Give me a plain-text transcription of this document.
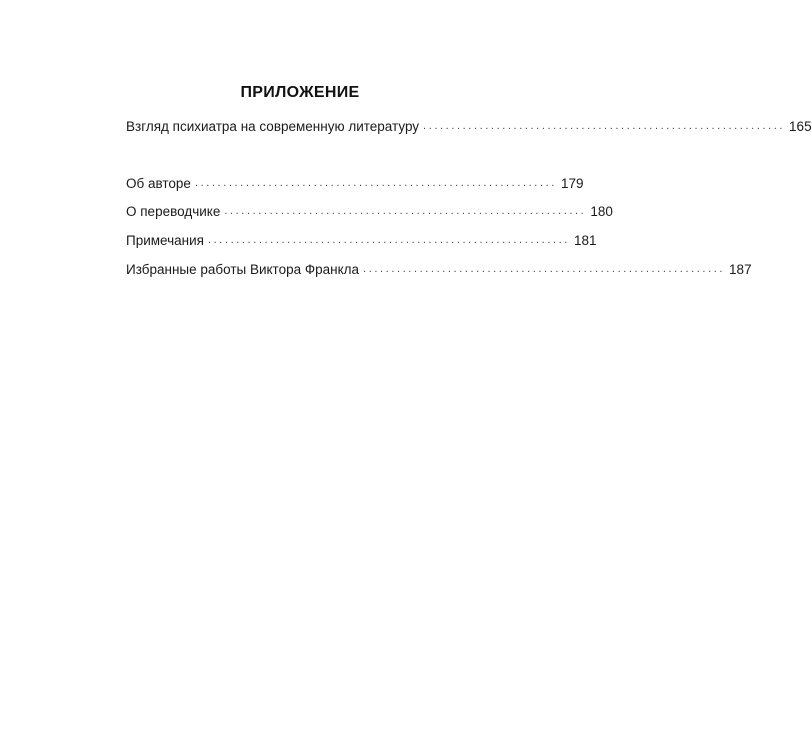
ПРИЛОЖЕНИЕ
Взгляд психиатра на современную литературу ................................................................ 165
Об авторе ................................................................ 179
О переводчике ................................................................ 180
Примечания ................................................................ 181
Избранные работы Виктора Франкла ................................................................ 187
